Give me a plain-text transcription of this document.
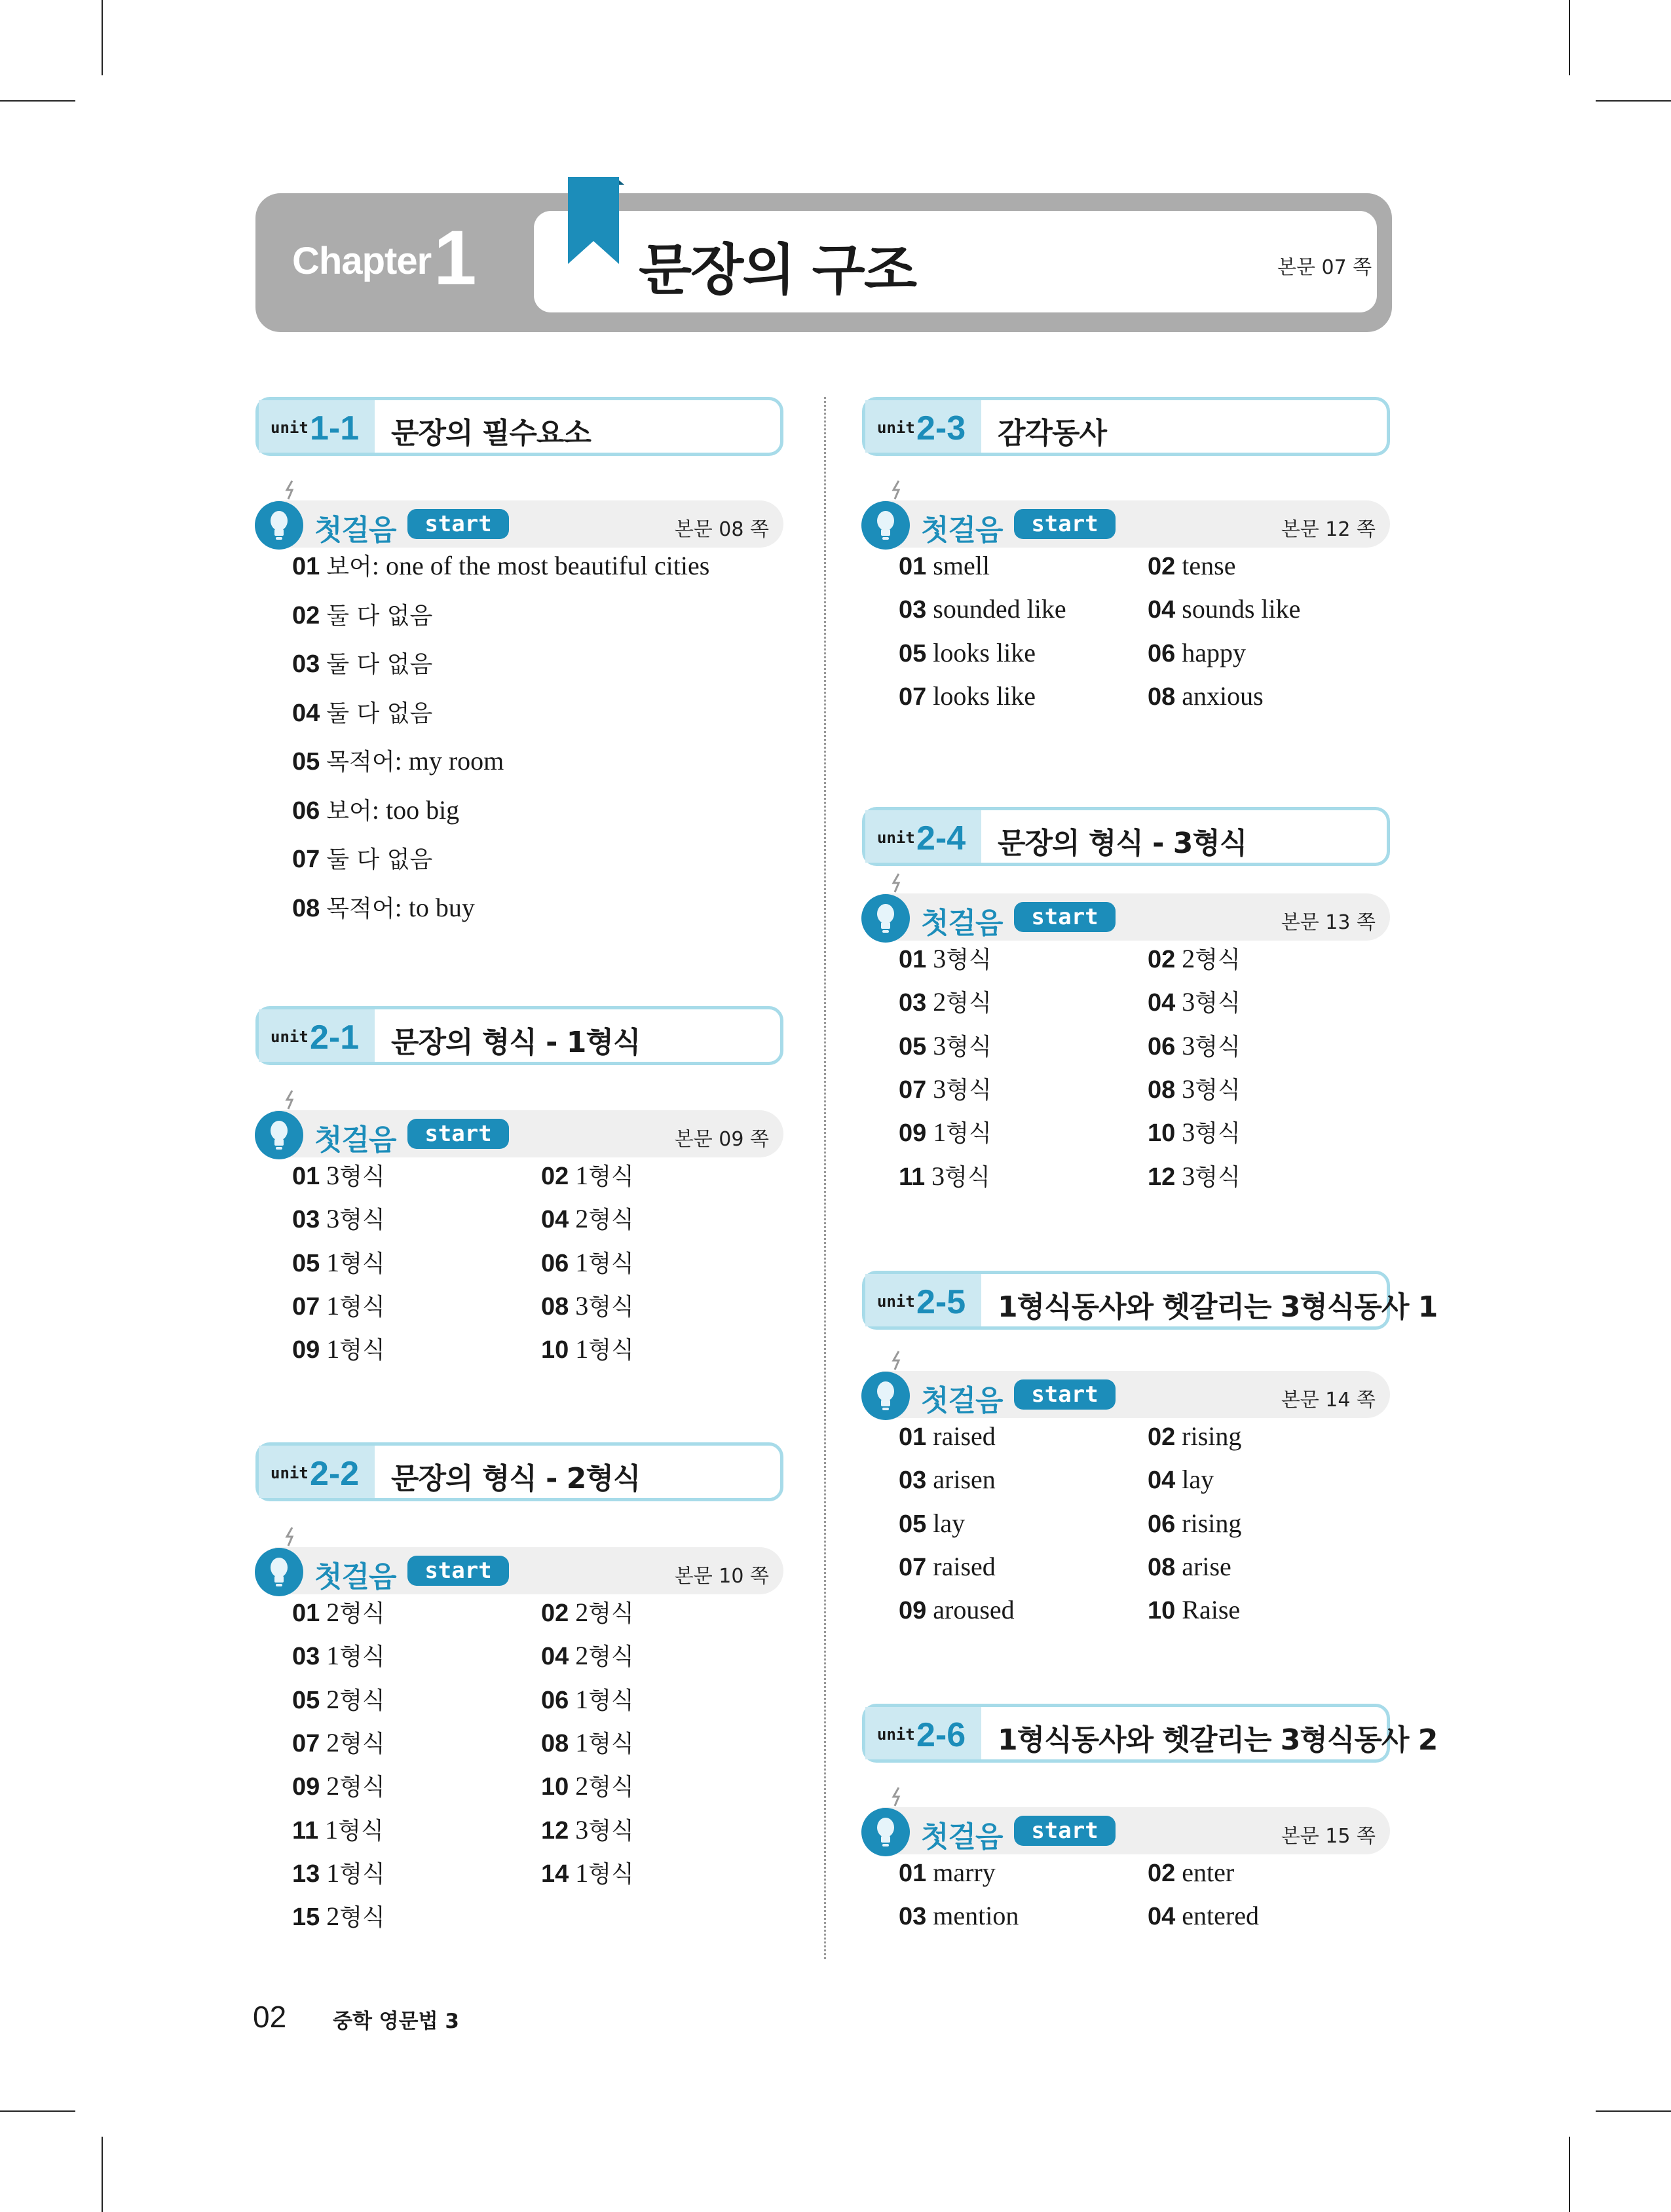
Chapter 1	문장의 구조	본문 07 쪽
unit 1-1 문장의 필수요소
첫걸음	start	본문 08 쪽
01 보어: one of the most beautiful cities
02 둘 다 없음
03 둘 다 없음
04 둘 다 없음
05 목적어: my room
06 보어: too big
07 둘 다 없음
08 목적어: to buy
unit 2-1 문장의 형식 - 1형식
첫걸음	start	본문 09 쪽
01 3형식	02 1형식
03 3형식	04 2형식
05 1형식	06 1형식
07 1형식	08 3형식
09 1형식	10 1형식
unit 2-2 문장의 형식 - 2형식
첫걸음	start	본문 10 쪽
01 2형식	02 2형식
03 1형식	04 2형식
05 2형식	06 1형식
07 2형식	08 1형식
09 2형식	10 2형식
11 1형식	12 3형식
13 1형식	14 1형식
15 2형식
unit 2-3 감각동사
첫걸음	start	본문 12 쪽
01 smell	02 tense
03 sounded like	04 sounds like
05 looks like	06 happy
07 looks like	08 anxious
unit 2-4 문장의 형식 - 3형식
첫걸음	start	본문 13 쪽
01 3형식	02 2형식
03 2형식	04 3형식
05 3형식	06 3형식
07 3형식	08 3형식
09 1형식	10 3형식
11 3형식	12 3형식
unit 2-5 1형식동사와 헷갈리는 3형식동사 1
첫걸음	start	본문 14 쪽
01 raised	02 rising
03 arisen	04 lay
05 lay	06 rising
07 raised	08 arise
09 aroused	10 Raise
unit 2-6 1형식동사와 헷갈리는 3형식동사 2
첫걸음	start	본문 15 쪽
01 marry	02 enter
03 mention	04 entered
02 중학 영문법 3
